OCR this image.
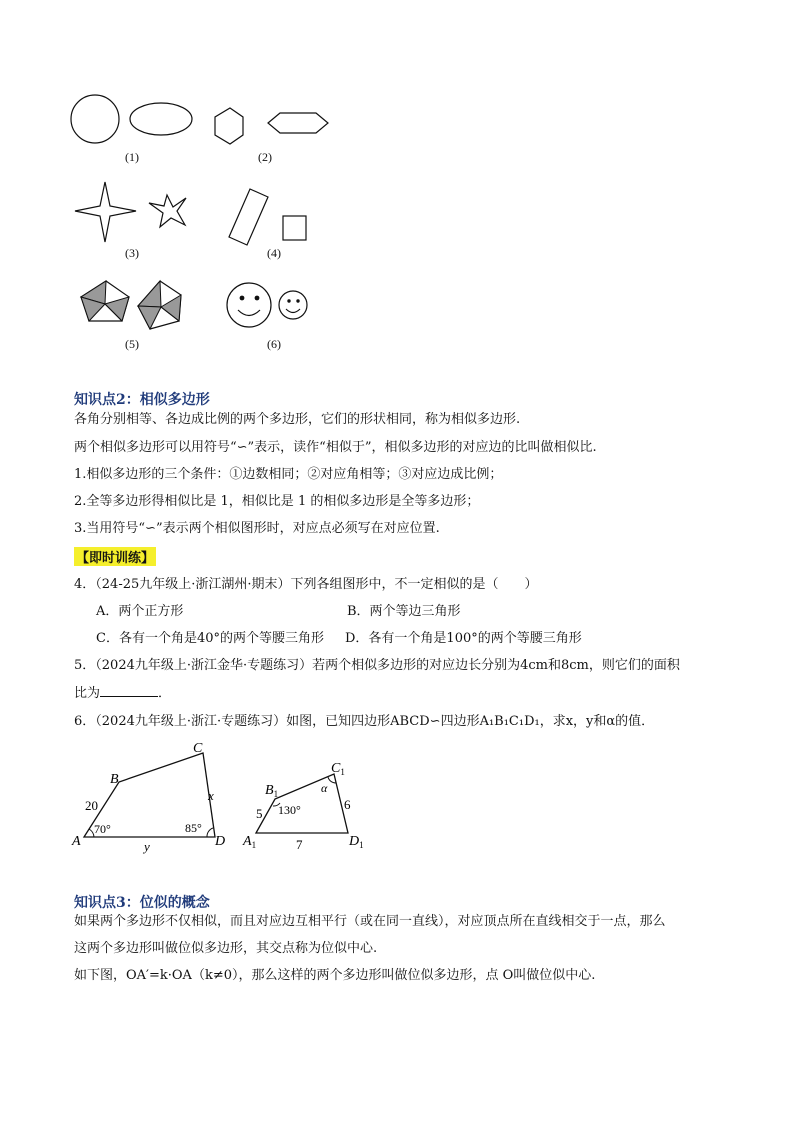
(1)	(2)
(3)	(4)
(5)	(6)
知识点2：相似多边形
各角分别相等、各边成比例的两个多边形，它们的形状相同，称为相似多边形.
两个相似多边形可以用符号“∽”表示，读作“相似于”，相似多边形的对应边的比叫做相似比.
1.相似多边形的三个条件：①边数相同；②对应角相等；③对应边成比例；
2.全等多边形得相似比是 1，相似比是 1 的相似多边形是全等多边形；
3.当用符号“∽”表示两个相似图形时，对应点必须写在对应位置.
【即时训练】
4．（24-25九年级上·浙江湖州·期末）下列各组图形中，不一定相似的是（　　）
A．两个正方形	B．两个等边三角形
C．各有一个角是40°的两个等腰三角形 D．各有一个角是100°的两个等腰三角形
5．（2024九年级上·浙江金华·专题练习）若两个相似多边形的对应边长分别为4cm和8cm，则它们的面积
比为	．
6．（2024九年级上·浙江·专题练习）如图，已知四边形ABCD∽四边形A₁B₁C₁D₁，求x，y和α的值．
A
B
C
D
20
70°	85°
x
y	$A_1$
$B_1$
$C_1$
$D_1$
5 130°
α
6
7
知识点3：位似的概念
如果两个多边形不仅相似，而且对应边互相平行（或在同一直线），对应顶点所在直线相交于一点，那么
这两个多边形叫做位似多边形，其交点称为位似中心.
如下图，OA′=k·OA（k≠0），那么这样的两个多边形叫做位似多边形，点 O叫做位似中心.
